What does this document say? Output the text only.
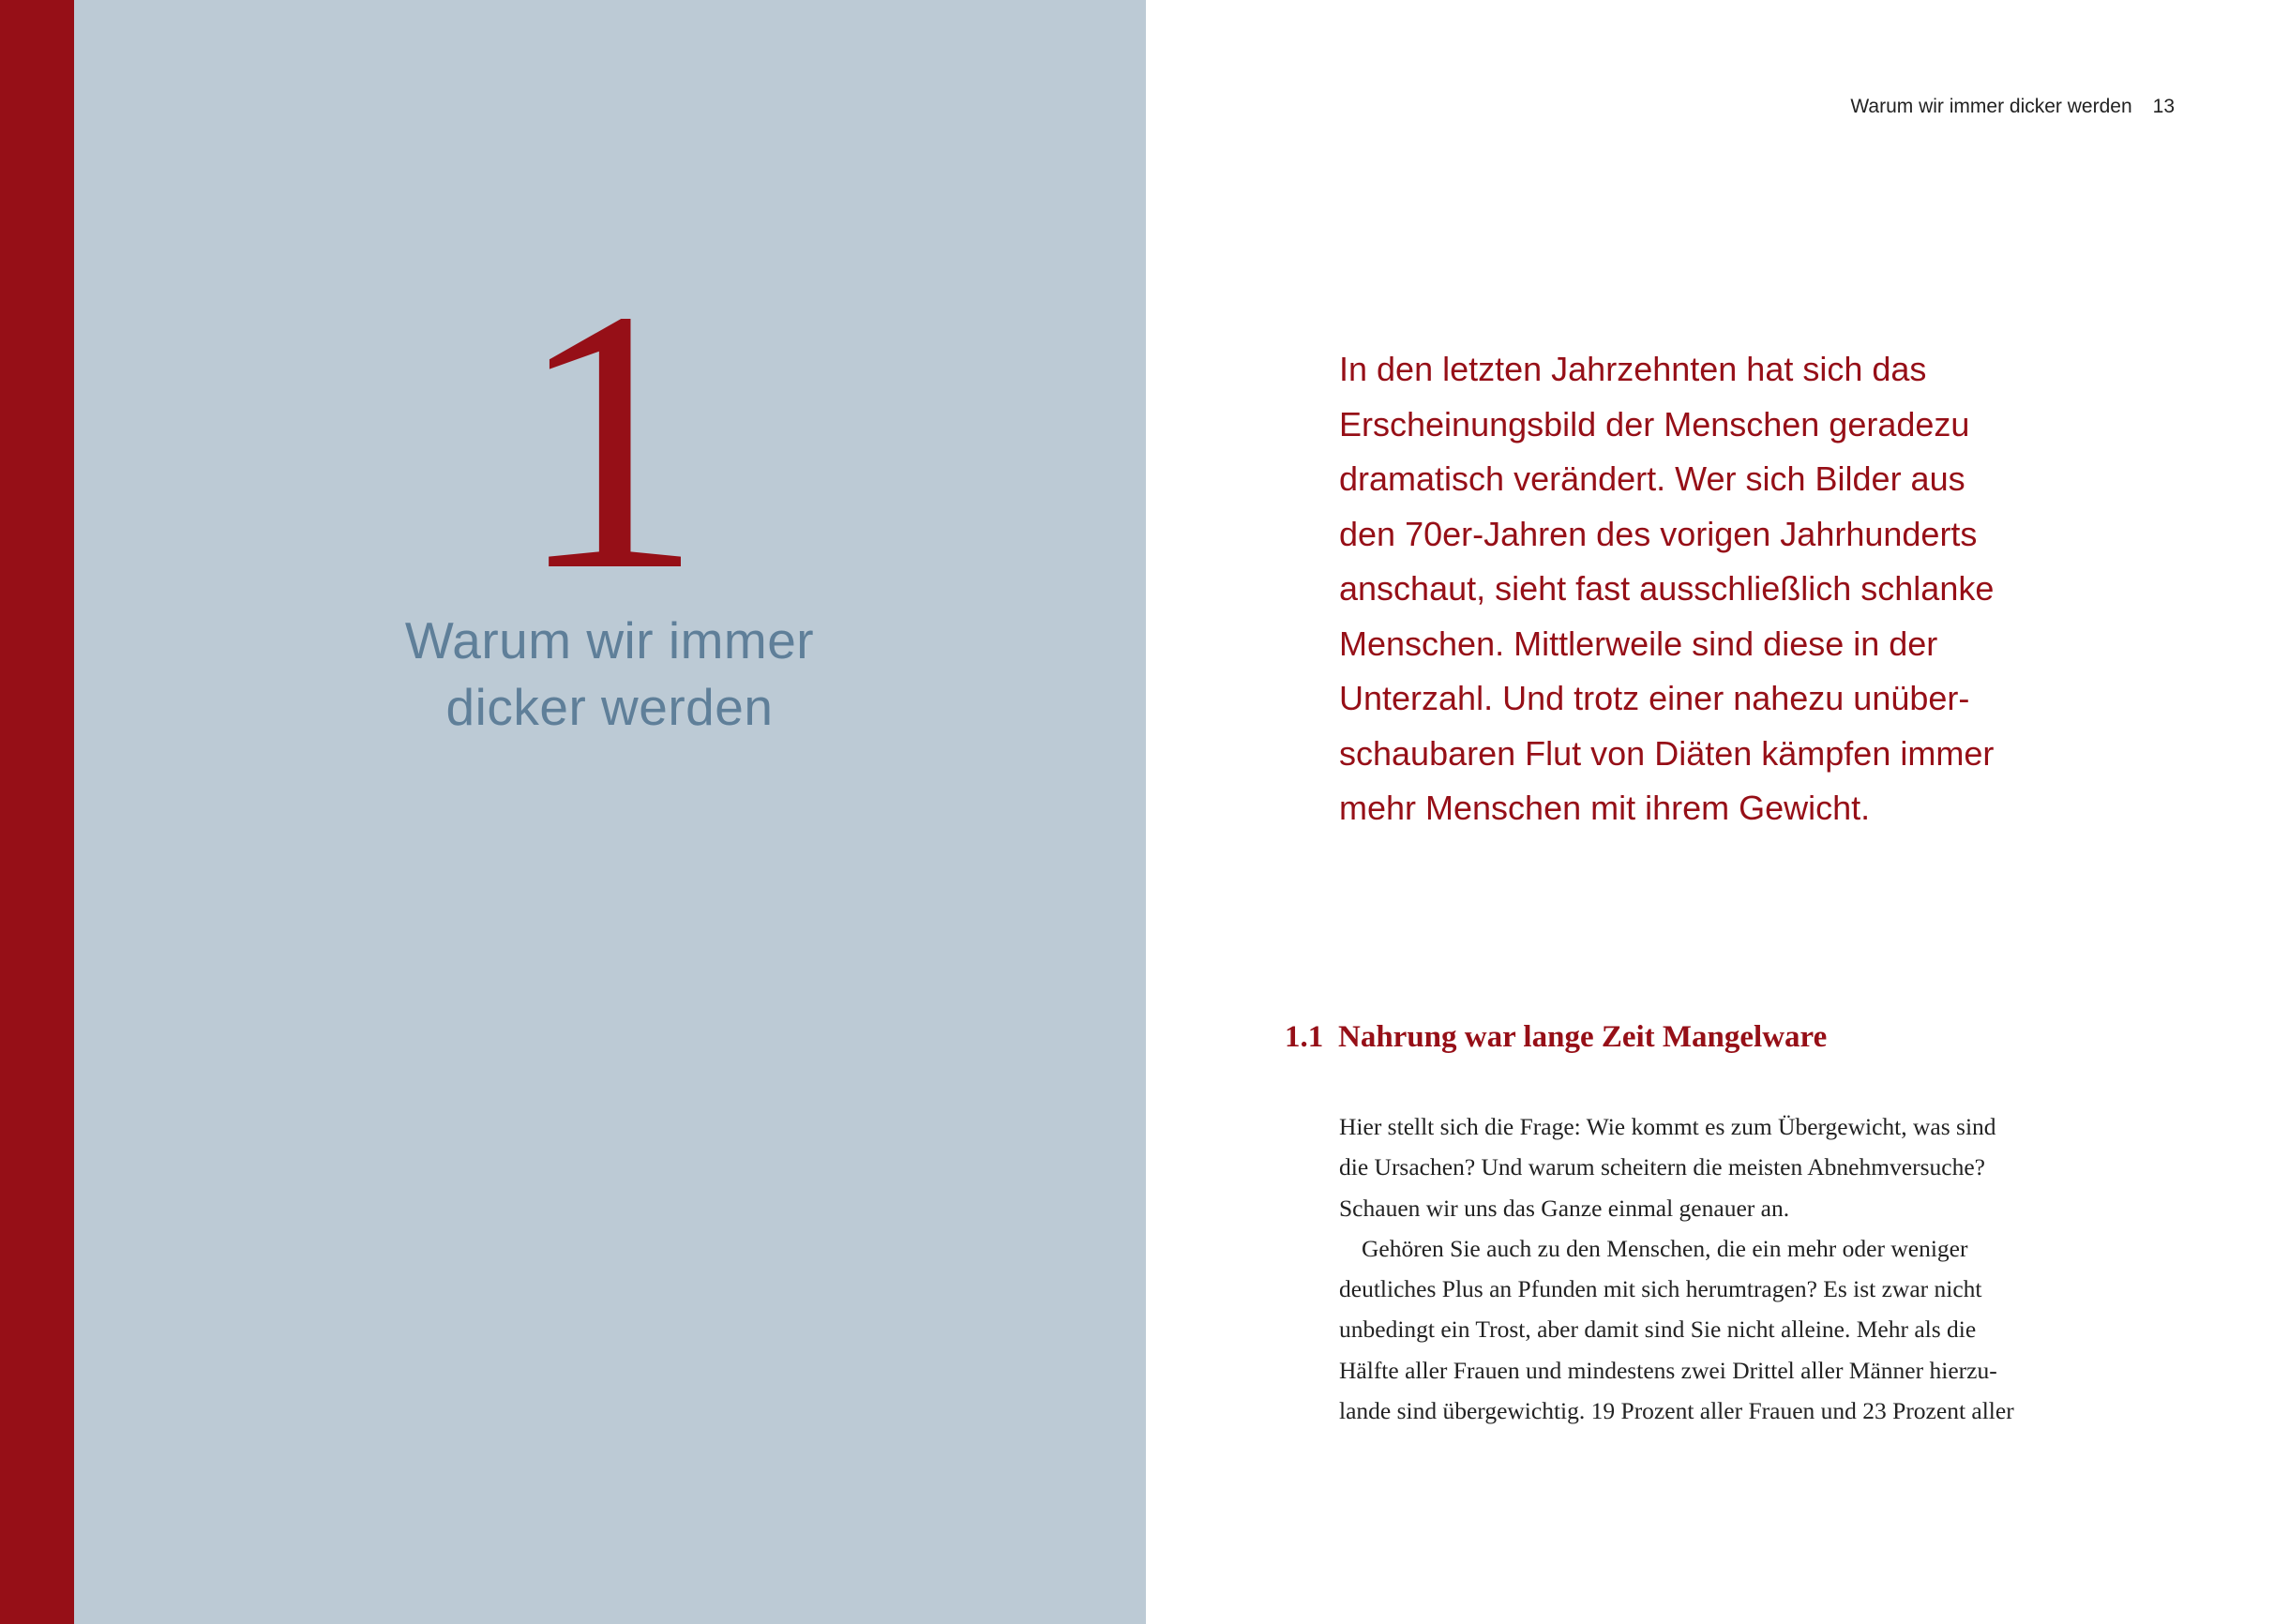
1
Warum wir immer
dicker werden
Warum wir immer dicker werden 13
In den letzten Jahrzehnten hat sich das
Erscheinungsbild der Menschen geradezu
dramatisch verändert. Wer sich Bilder aus
den 70er-Jahren des vorigen Jahrhunderts
anschaut, sieht fast ausschließlich schlanke
Menschen. Mittlerweile sind diese in der
Unterzahl. Und trotz einer nahezu unüber-
schaubaren Flut von Diäten kämpfen immer
mehr Menschen mit ihrem Gewicht.
1.1 Nahrung war lange Zeit Mangelware
Hier stellt sich die Frage: Wie kommt es zum Übergewicht, was sind
die Ursachen? Und warum scheitern die meisten Abnehmversuche?
Schauen wir uns das Ganze einmal genauer an.
Gehören Sie auch zu den Menschen, die ein mehr oder weniger
deutliches Plus an Pfunden mit sich herumtragen? Es ist zwar nicht
unbedingt ein Trost, aber damit sind Sie nicht alleine. Mehr als die
Hälfte aller Frauen und mindestens zwei Drittel aller Männer hierzu-
lande sind übergewichtig. 19 Prozent aller Frauen und 23 Prozent aller
